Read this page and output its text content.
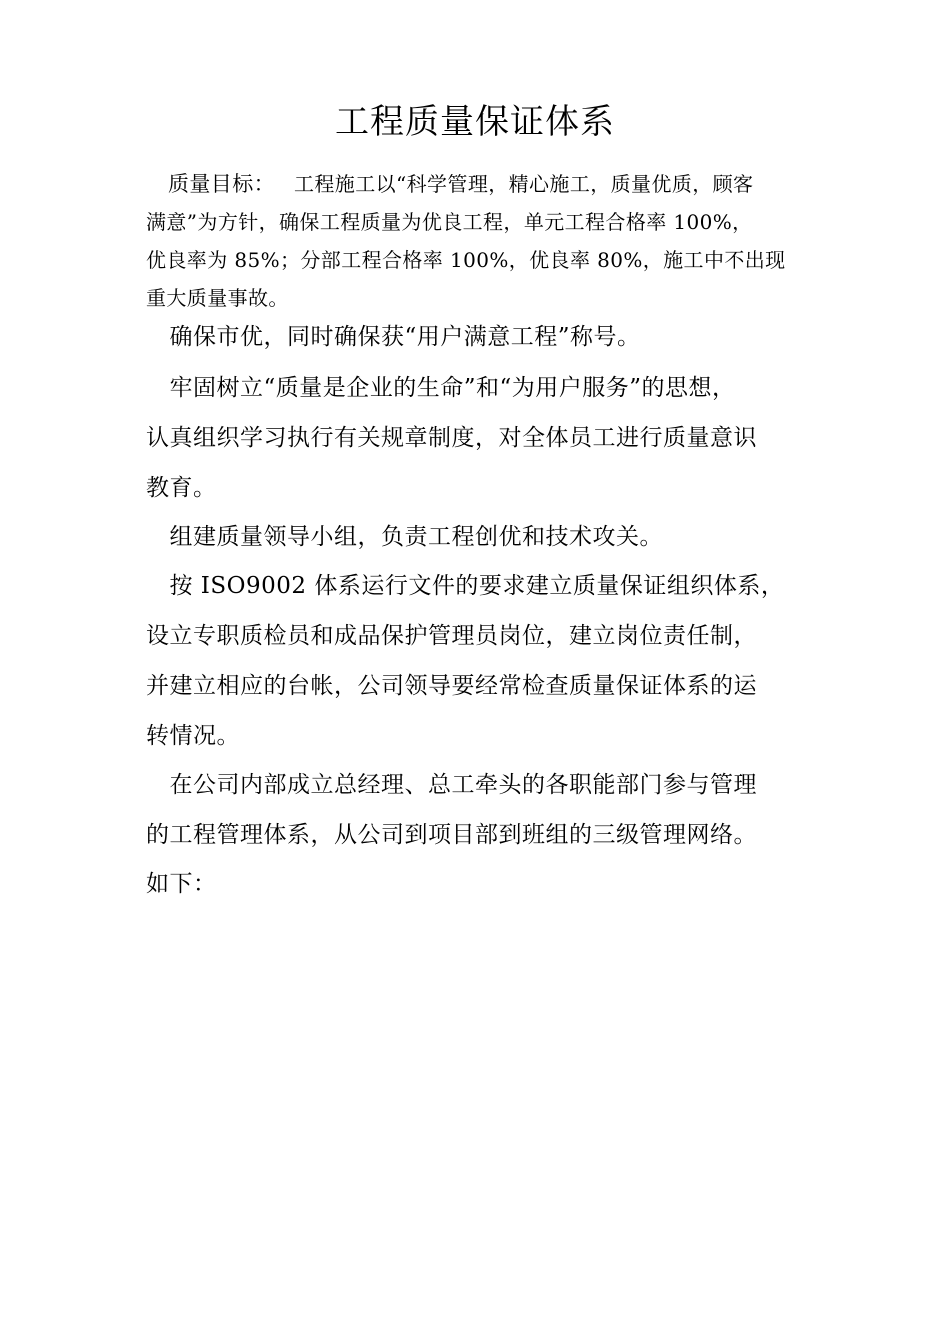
工程质量保证体系
质量目标： 工程施工以“科学管理，精心施工，质量优质，顾客
满意”为方针，确保工程质量为优良工程，单元工程合格率 100%，
优良率为 85%；分部工程合格率 100%，优良率 80%，施工中不出现
重大质量事故。
　确保市优，同时确保获“用户满意工程”称号。
　牢固树立“质量是企业的生命”和“为用户服务”的思想，
认真组织学习执行有关规章制度，对全体员工进行质量意识
教育。
　组建质量领导小组，负责工程创优和技术攻关。
　按 ISO9002 体系运行文件的要求建立质量保证组织体系，
设立专职质检员和成品保护管理员岗位，建立岗位责任制，
并建立相应的台帐，公司领导要经常检查质量保证体系的运
转情况。
　在公司内部成立总经理、总工牵头的各职能部门参与管理
的工程管理体系，从公司到项目部到班组的三级管理网络。
如下：
